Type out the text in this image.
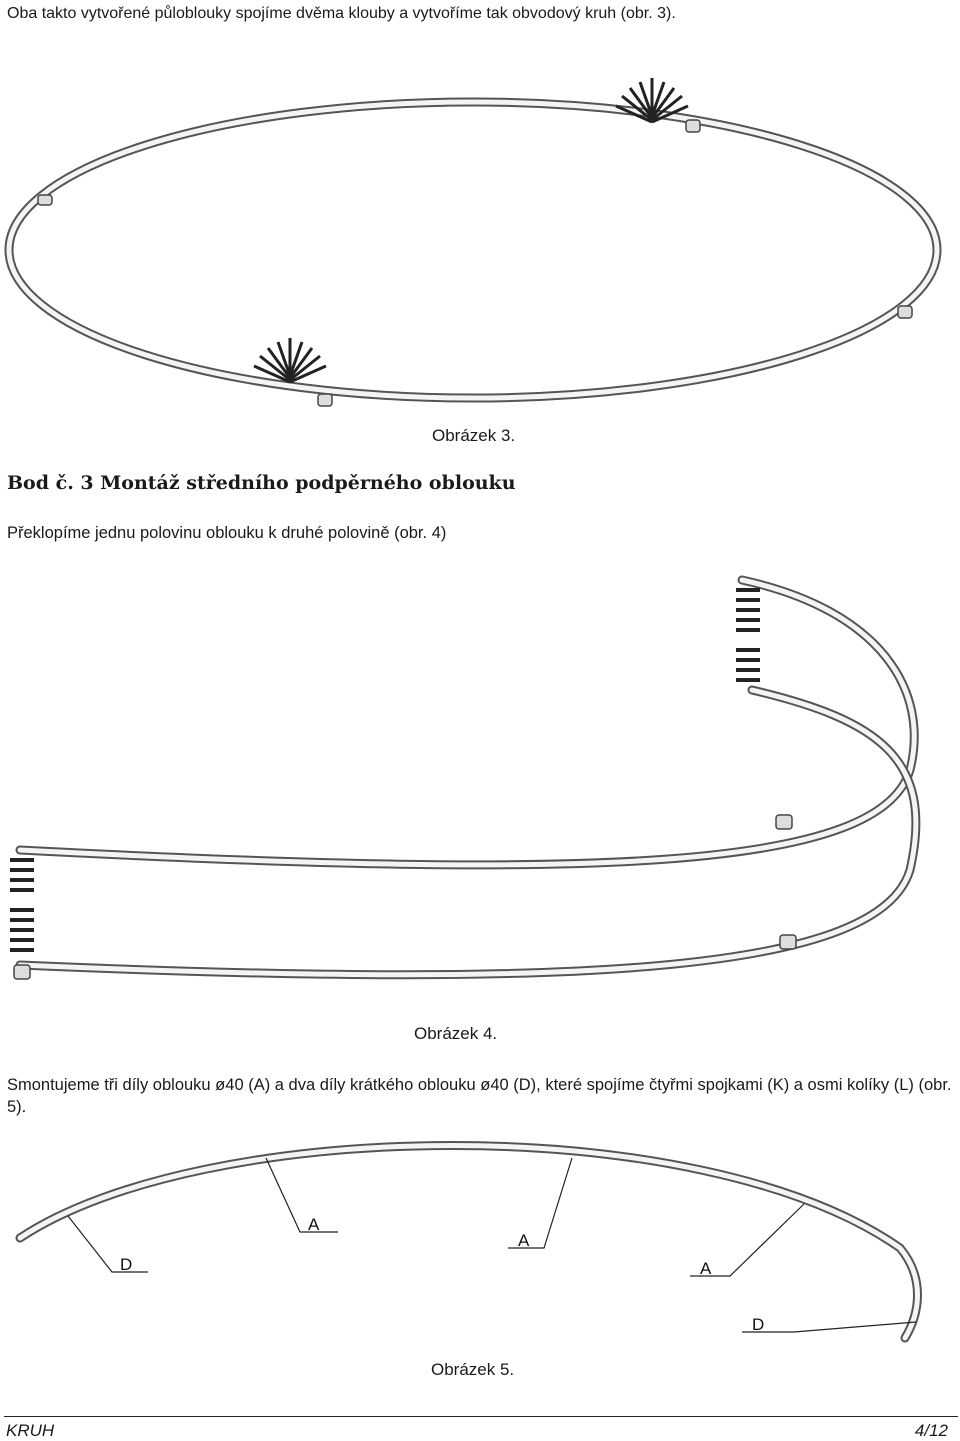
Oba takto vytvořené půloblouky spojíme dvěma klouby a vytvoříme tak obvodový kruh (obr. 3).
Obrázek 3.
Bod č. 3 Montáž středního podpěrného oblouku
Překlopíme jednu polovinu oblouku k druhé polovině (obr. 4)
Obrázek 4.
Smontujeme tři díly oblouku ø40 (A) a dva díly krátkého oblouku ø40 (D), které spojíme čtyřmi spojkami (K) a osmi kolíky (L) (obr. 5).
D
A
A
A
D
Obrázek 5.
KRUH	4/12
